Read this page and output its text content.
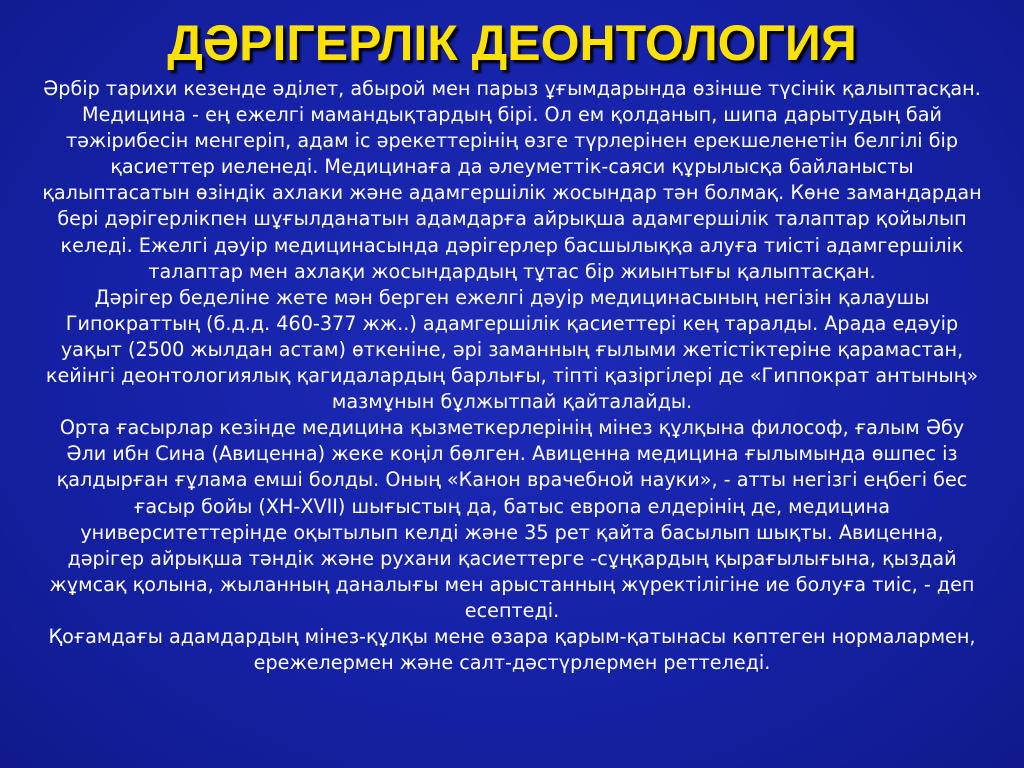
ДӘРІГЕРЛІК ДЕОНТОЛОГИЯ

Әрбір тарихи кезенде әділет, абырой мен парыз ұғымдарында өзінше түсінік қалыптасқан.

Медицина - ең ежелгі мамандықтардың бірі. Ол ем қолданып, шипа дарытудың бай тәжірибесін менгеріп, адам іс әрекеттерінің өзге түрлерінен ерекшеленетін белгілі бір қасиеттер иеленеді. Медицинаға да әлеуметтік-саяси құрылысқа байланысты қалыптасатын өзіндік ахлаки және адамгершілік жосындар тән болмақ. Көне замандардан бері дәрігерлікпен шұғылданатын адамдарға айрықша адамгершілік талаптар қойылып келеді. Ежелгі дәуір медицинасында дәрігерлер басшылыққа алуға тиісті адамгершілік талаптар мен ахлақи жосындардың тұтас бір жиынтығы қалыптасқан.

Дәрігер беделіне жете мән берген ежелгі дәуір медицинасының негізін қалаушы Гипократтың (б.д.д. 460-377 жж..) адамгершілік қасиеттері кең таралды. Арада едәуір уақыт (2500 жылдан астам) өткеніне, әрі заманның ғылыми жетістіктеріне қарамастан, кейінгі деонтологиялық қагидалардың барлығы, тіпті қазіргілері де «Гиппократ антының» мазмұнын бұлжытпай қайталайды.

Орта ғасырлар кезінде медицина қызметкерлерінің мінез құлқына философ, ғалым Әбу Әли ибн Сина (Авиценна) жеке коңіл бөлген. Авиценна медицина ғылымында өшпес із қалдырған ғұлама емші болды. Оның «Канон врачебной науки», - атты негізгі еңбегі бес ғасыр бойы (ХН-XVII) шығыстың да, батыс европа елдерінің де, медицина университеттерінде оқытылып келді және 35 рет қайта басылып шықты. Авиценна, дәрігер айрықша тәндік және рухани қасиеттерге -сұңқардың қырағылығына, қыздай жұмсақ қолына, жыланның даналығы мен арыстанның жүректілігіне ие болуға тиіс, - деп есептеді.

Қоғамдағы адамдардың мінез-құлқы мене өзара қарым-қатынасы көптеген нормалармен, ережелермен және салт-дәстүрлермен реттеледі.
